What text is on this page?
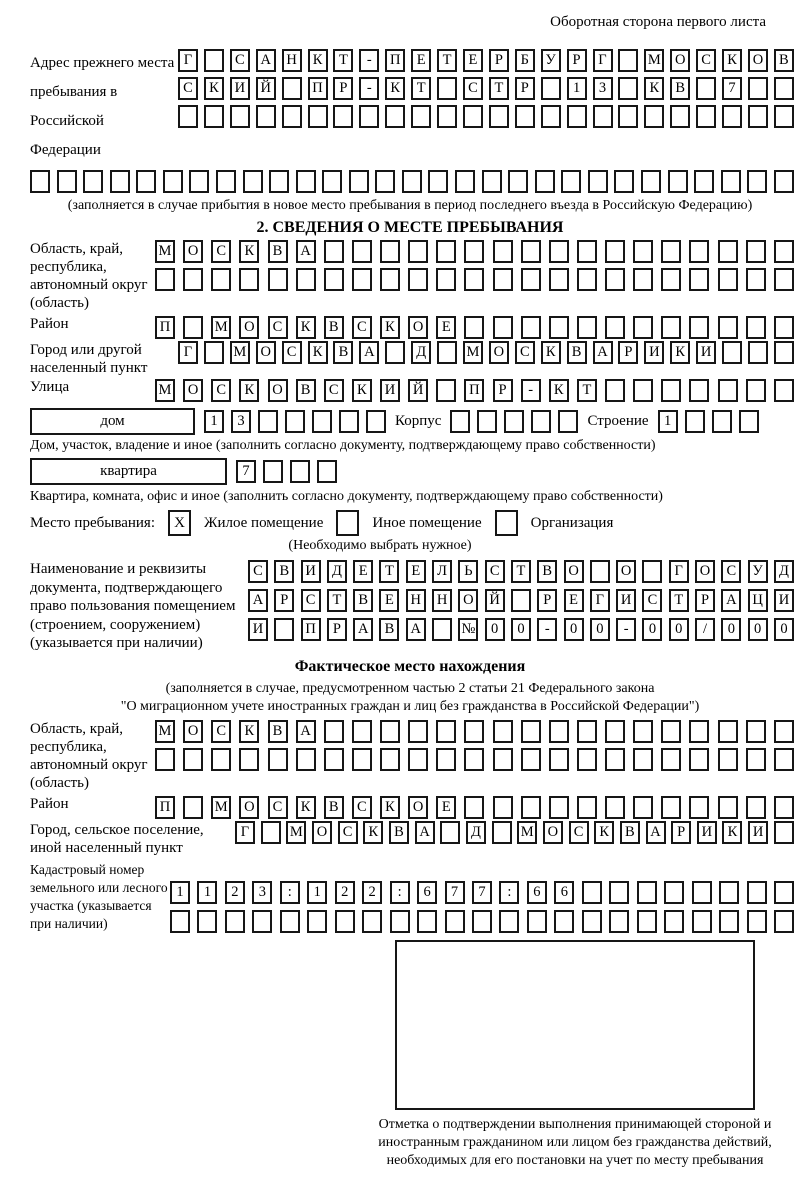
Оборотная сторона первого листа
Адрес прежнего места пребывания в Российской Федерации
Г	С	А	Н	К	Т	-	П	Е	Т	Е	Р	Б	У	Р	Г	М О	С	К	О	В
С	К	И	Й	П	Р	-	К	Т	С	Т	Р	1	3	К	В	7
(заполняется в случае прибытия в новое место пребывания в период последнего въезда в Российскую Федерацию)
2. СВЕДЕНИЯ О МЕСТЕ ПРЕБЫВАНИЯ
Область, край, республика, автономный округ (область)
М	О	С	К	В	А
Район	П	М	О	С	К	В	С	К	О	Е
Город или другой населенный пункт
Г	М О	С	К	В	А	Д	М О	С	К	В	А	Р	И	К	И
Улица	М	О	С	К	О	В	С	К	И	Й	П	Р	-	К	Т
дом	1	3	Корпус	Строение	1
Дом, участок, владение и иное (заполнить согласно документу, подтверждающему право собственности)
квартира	7
Квартира, комната, офис и иное (заполнить согласно документу, подтверждающему право собственности)
Место пребывания:	X	Жилое помещение	Иное помещение	Организация
(Необходимо выбрать нужное)
Наименование и реквизиты документа, подтверждающего право пользования помещением (строением, сооружением) (указывается при наличии)
С	В	И	Д	Е	Т	Е	Л	Ь	С	Т	В	О	О	Г	О	С	У	Д
А	Р	С	Т	В	Е	Н	Н	О	Й	Р	Е	Г	И	С	Т	Р	А	Ц	И
И	П	Р	А	В	А	№	0	0	-	0	0	-	0	0	/	0	0	0
Фактическое место нахождения
(заполняется в случае, предусмотренном частью 2 статьи 21 Федерального закона
"О миграционном учете иностранных граждан и лиц без гражданства в Российской Федерации")
Область, край, республика, автономный округ (область)
М	О	С	К	В	А
Район	П	М	О	С	К	В	С	К	О	Е
Город, сельское поселение, иной населенный пункт
Г	М О	С	К	В	А	Д	М О	С	К	В	А	Р	И	К	И
Кадастровый номер земельного или лесного участка (указывается при наличии)
1	1	2	3	:	1	2	2	:	6	7	7	:	6	6
Отметка о подтверждении выполнения принимающей стороной и иностранным гражданином или лицом без гражданства действий, необходимых для его постановки на учет по месту пребывания
